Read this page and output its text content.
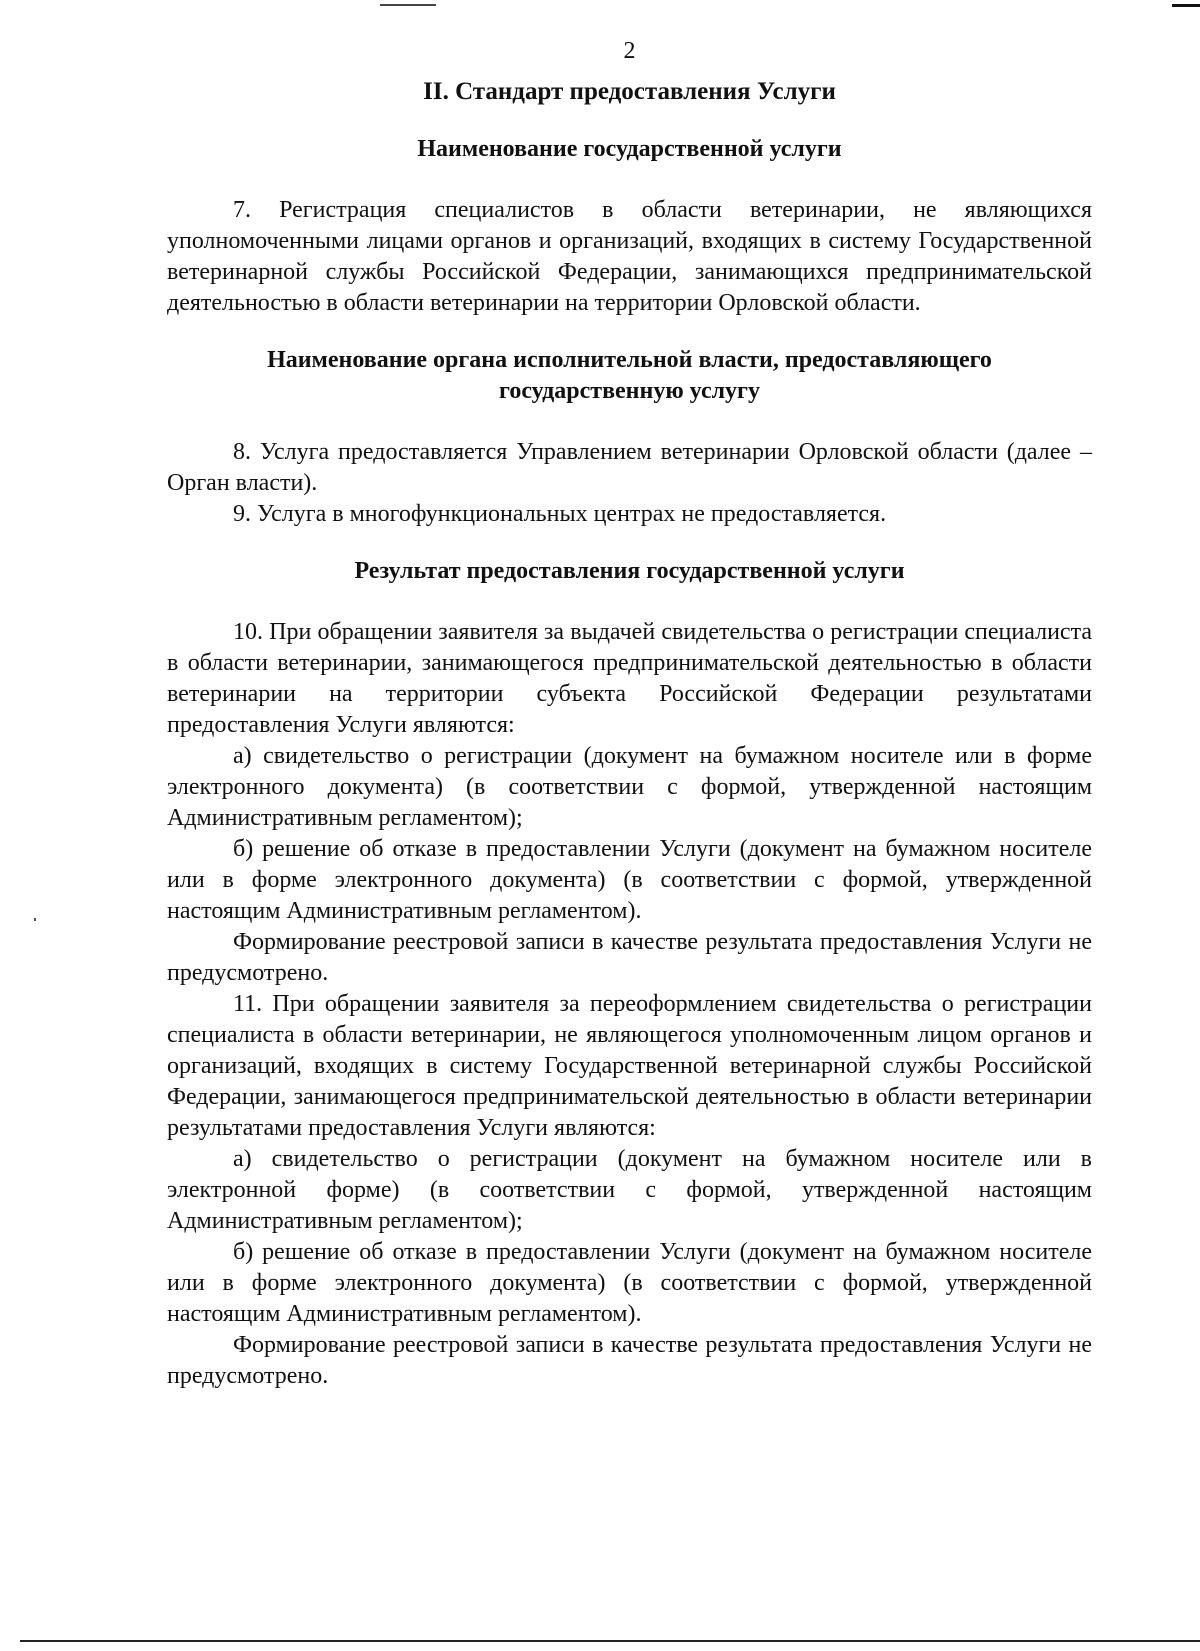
2
II. Стандарт предоставления Услуги
Наименование государственной услуги

7. Регистрация специалистов в области ветеринарии, не являющихся уполномоченными лицами органов и организаций, входящих в систему Государственной ветеринарной службы Российской Федерации, занимающихся предпринимательской деятельностью в области ветеринарии на территории Орловской области.

Наименование органа исполнительной власти, предоставляющего
государственную услугу

8. Услуга предоставляется Управлением ветеринарии Орловской области (далее – Орган власти).

9. Услуга в многофункциональных центрах не предоставляется.

Результат предоставления государственной услуги

10. При обращении заявителя за выдачей свидетельства о регистрации специалиста в области ветеринарии, занимающегося предпринимательской деятельностью в области ветеринарии на территории субъекта Российской Федерации результатами предоставления Услуги являются:

а) свидетельство о регистрации (документ на бумажном носителе или в форме электронного документа) (в соответствии с формой, утвержденной настоящим Административным регламентом);

б) решение об отказе в предоставлении Услуги (документ на бумажном носителе или в форме электронного документа) (в соответствии с формой, утвержденной настоящим Административным регламентом).

Формирование реестровой записи в качестве результата предоставления Услуги не предусмотрено.

11. При обращении заявителя за переоформлением свидетельства о регистрации специалиста в области ветеринарии, не являющегося уполномоченным лицом органов и организаций, входящих в систему Государственной ветеринарной службы Российской Федерации, занимающегося предпринимательской деятельностью в области ветеринарии результатами предоставления Услуги являются:

а) свидетельство о регистрации (документ на бумажном носителе или в электронной форме) (в соответствии с формой, утвержденной настоящим Административным регламентом);

б) решение об отказе в предоставлении Услуги (документ на бумажном носителе или в форме электронного документа) (в соответствии с формой, утвержденной настоящим Административным регламентом).

Формирование реестровой записи в качестве результата предоставления Услуги не предусмотрено.
